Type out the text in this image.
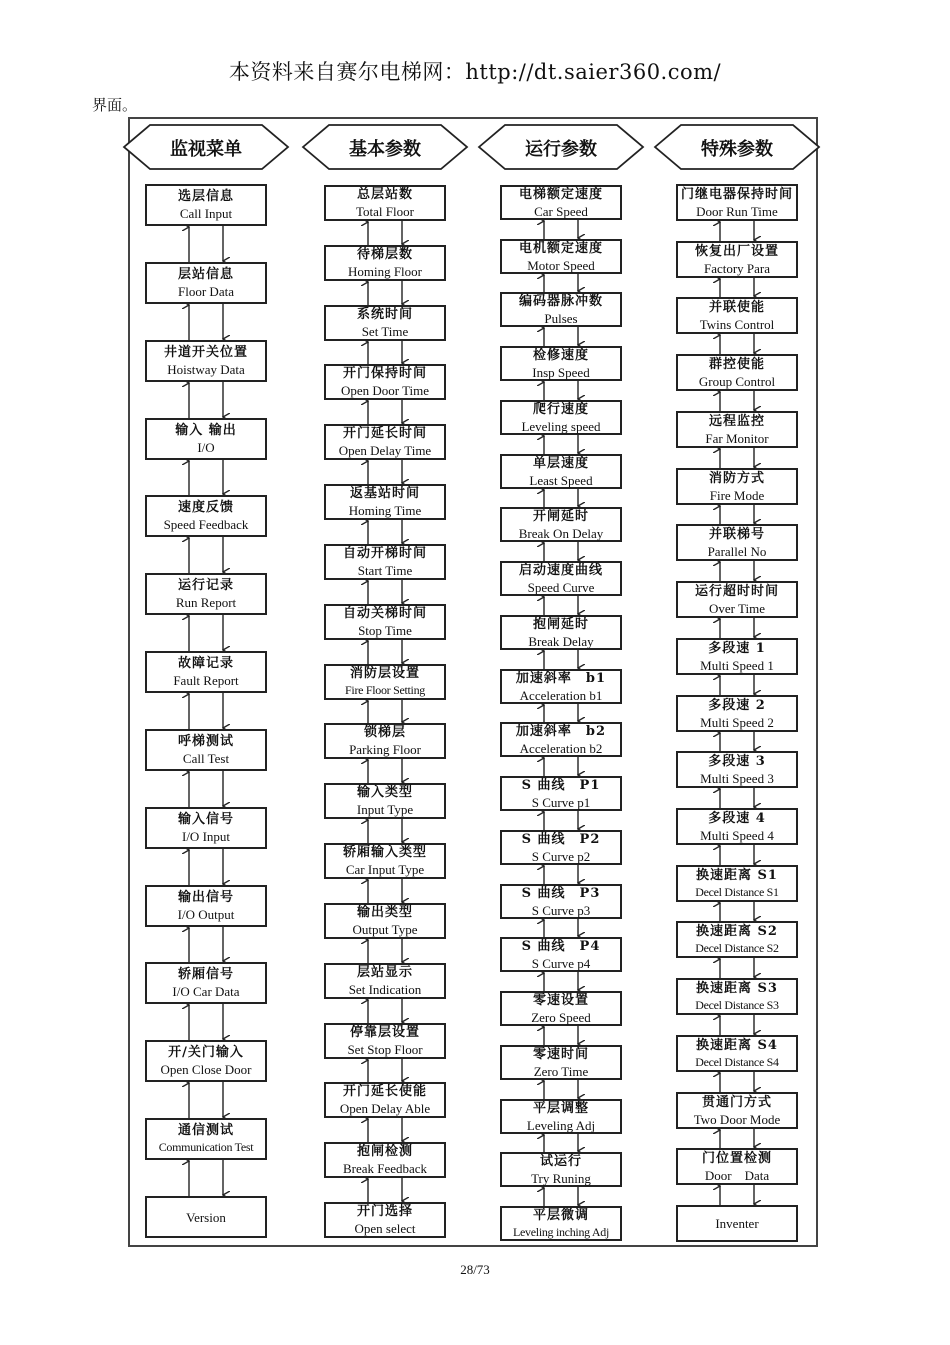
本资料来自赛尔电梯网：http://dt.saier360.com/
界面。
监视菜单
选层信息
Call Input
层站信息
Floor Data
井道开关位置
Hoistway Data
输入 输出
I/O
速度反馈
Speed Feedback
运行记录
Run Report
故障记录
Fault Report
呼梯测试
Call Test
输入信号
I/O Input
输出信号
I/O Output
轿厢信号
I/O Car Data
开/关门输入
Open Close Door
通信测试
Communication Test
Version
基本参数
总层站数
Total Floor
待梯层数
Homing Floor
系统时间
Set Time
开门保持时间
Open Door Time
开门延长时间
Open Delay Time
返基站时间
Homing Time
自动开梯时间
Start Time
自动关梯时间
Stop Time
消防层设置
Fire Floor Setting
锁梯层
Parking Floor
输入类型
Input Type
轿厢输入类型
Car Input Type
输出类型
Output Type
层站显示
Set Indication
停靠层设置
Set Stop Floor
开门延长使能
Open Delay Able
抱闸检测
Break Feedback
开门选择
Open select
运行参数
电梯额定速度
Car Speed
电机额定速度
Motor Speed
编码器脉冲数
Pulses
检修速度
Insp Speed
爬行速度
Leveling speed
单层速度
Least Speed
开闸延时
Break On Delay
启动速度曲线
Speed Curve
抱闸延时
Break Delay
加速斜率　b1
Acceleration b1
加速斜率　b2
Acceleration b2
S 曲线　P1
S Curve p1
S 曲线　P2
S Curve p2
S 曲线　P3
S Curve p3
S 曲线　P4
S Curve p4
零速设置
Zero Speed
零速时间
Zero Time
平层调整
Leveling Adj
试运行
Try Runing
平层微调
Leveling inching Adj
特殊参数
门继电器保持时间
Door Run Time
恢复出厂设置
Factory Para
并联使能
Twins Control
群控使能
Group Control
远程监控
Far Monitor
消防方式
Fire Mode
并联梯号
Parallel No
运行超时时间
Over Time
多段速 1
Multi Speed 1
多段速 2
Multi Speed 2
多段速 3
Multi Speed 3
多段速 4
Multi Speed 4
换速距离 S1
Decel Distance S1
换速距离 S2
Decel Distance S2
换速距离 S3
Decel Distance S3
换速距离 S4
Decel Distance S4
贯通门方式
Two Door Mode
门位置检测
Door　Data
Inventer
28/73
